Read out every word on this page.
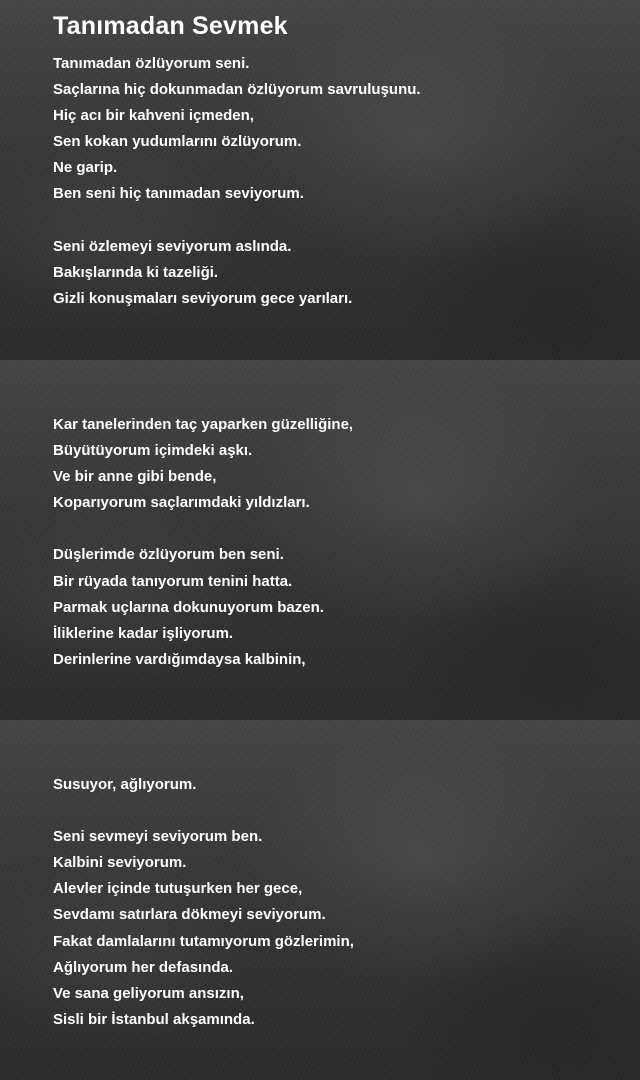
Tanımadan Sevmek
Tanımadan özlüyorum seni.
Saçlarına hiç dokunmadan özlüyorum savruluşunu.
Hiç acı bir kahveni içmeden,
Sen kokan yudumlarını özlüyorum.
Ne garip.
Ben seni hiç tanımadan seviyorum.
Seni özlemeyi seviyorum aslında.
Bakışlarında ki tazeliği.
Gizli konuşmaları seviyorum gece yarıları.
Kar tanelerinden taç yaparken güzelliğine,
Büyütüyorum içimdeki aşkı.
Ve bir anne gibi bende,
Koparıyorum saçlarımdaki yıldızları.
Düşlerimde özlüyorum ben seni.
Bir rüyada tanıyorum tenini hatta.
Parmak uçlarına dokunuyorum bazen.
İliklerine kadar işliyorum.
Derinlerine vardığımdaysa kalbinin,
Susuyor, ağlıyorum.
Seni sevmeyi seviyorum ben.
Kalbini seviyorum.
Alevler içinde tutuşurken her gece,
Sevdamı satırlara dökmeyi seviyorum.
Fakat damlalarını tutamıyorum gözlerimin,
Ağlıyorum her defasında.
Ve sana geliyorum ansızın,
Sisli bir İstanbul akşamında.
